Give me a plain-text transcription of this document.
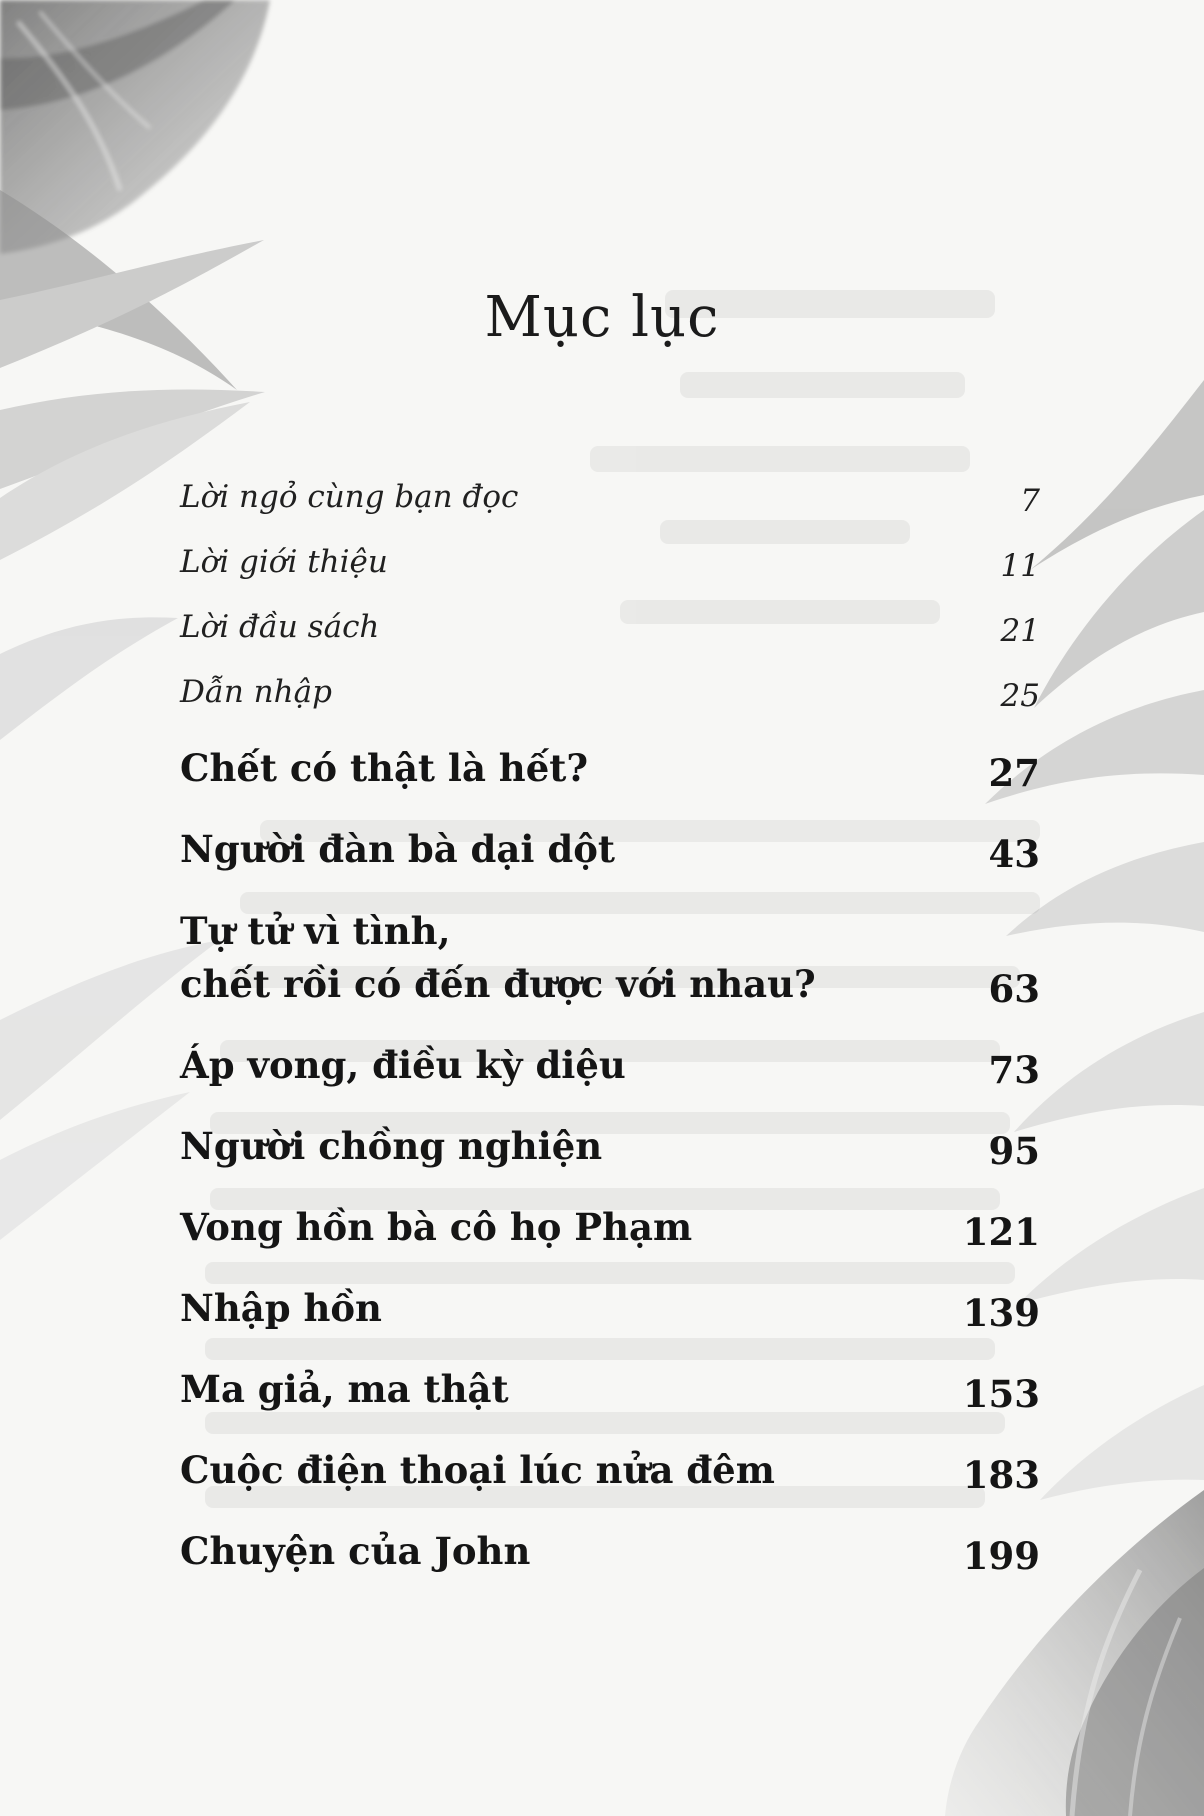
Mục lục
Lời ngỏ cùng bạn đọc	7
Lời giới thiệu	11
Lời đầu sách	21
Dẫn nhập	25
Chết có thật là hết?	27
Người đàn bà dại dột	43
Tự tử vì tình,
chết rồi có đến được với nhau?	63
Áp vong, điều kỳ diệu	73
Người chồng nghiện	95
Vong hồn bà cô họ Phạm	121
Nhập hồn	139
Ma giả, ma thật	153
Cuộc điện thoại lúc nửa đêm	183
Chuyện của John	199
